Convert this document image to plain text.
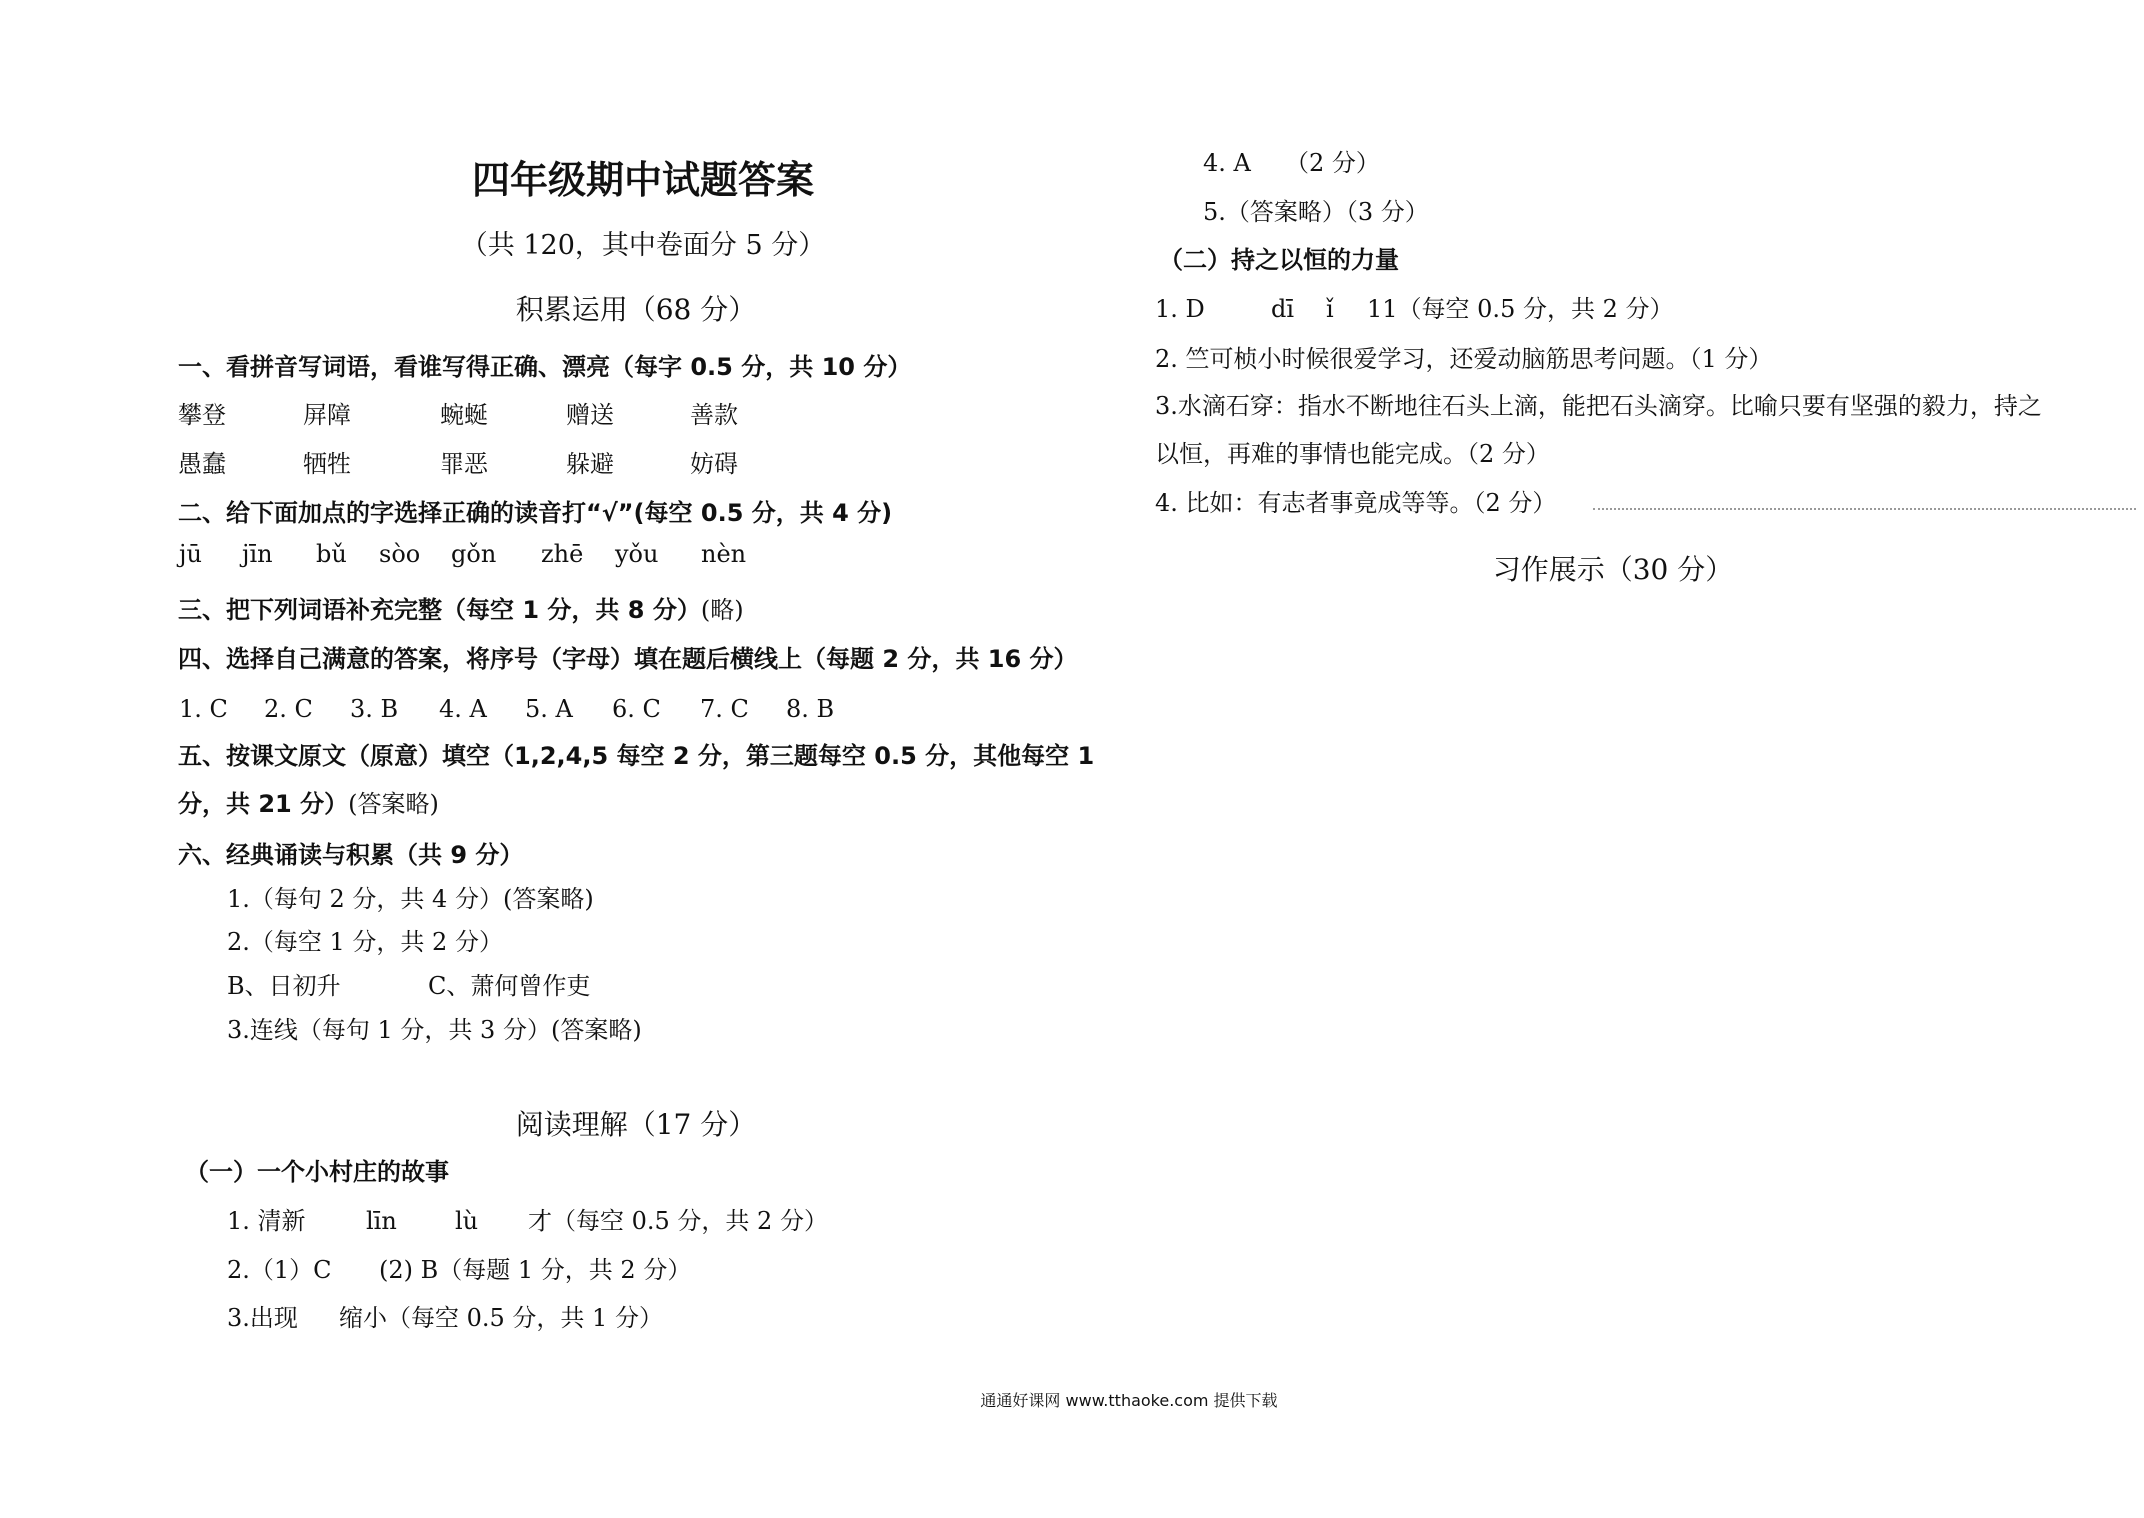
四年级期中试题答案
（共 120，其中卷面分 5 分）
积累运用（68 分）
一、看拼音写词语，看谁写得正确、漂亮（每字 0.5 分，共 10 分）
攀登	屏障	蜿蜒	赠送	善款
愚蠢	牺牲	罪恶	躲避	妨碍
二、给下面加点的字选择正确的读音打“√”(每空 0.5 分，共 4 分)
jū jīn bǔ sòo gǒn zhē yǒu nèn
三、把下列词语补充完整（每空 1 分，共 8 分）(略)
四、选择自己满意的答案，将序号（字母）填在题后横线上（每题 2 分，共 16 分）
1. C 2. C 3. B 4. A 5. A 6. C 7. C 8. B
五、按课文原文（原意）填空（1,2,4,5 每空 2 分，第三题每空 0.5 分，其他每空 1
分，共 21 分）(答案略)
六、经典诵读与积累（共 9 分）
1.（每句 2 分，共 4 分）(答案略)
2.（每空 1 分，共 2 分）
B、日初升	C、萧何曾作吏
3.连线（每句 1 分，共 3 分）(答案略)
阅读理解（17 分）
（一）一个小村庄的故事
1. 清新	līn lù 才（每空 0.5 分，共 2 分）
2.（1）C (2) B（每题 1 分，共 2 分）
3.出现 缩小（每空 0.5 分，共 1 分）
4. A （2 分）
5.（答案略）（3 分）
（二）持之以恒的力量
1. D	dī ǐ 11（每空 0.5 分，共 2 分）
2. 竺可桢小时候很爱学习，还爱动脑筋思考问题。（1 分）
3.水滴石穿：指水不断地往石头上滴，能把石头滴穿。比喻只要有坚强的毅力，持之
以恒，再难的事情也能完成。（2 分）
4. 比如：有志者事竟成等等。（2 分）
习作展示（30 分）
通通好课网 www.tthaoke.com 提供下载
